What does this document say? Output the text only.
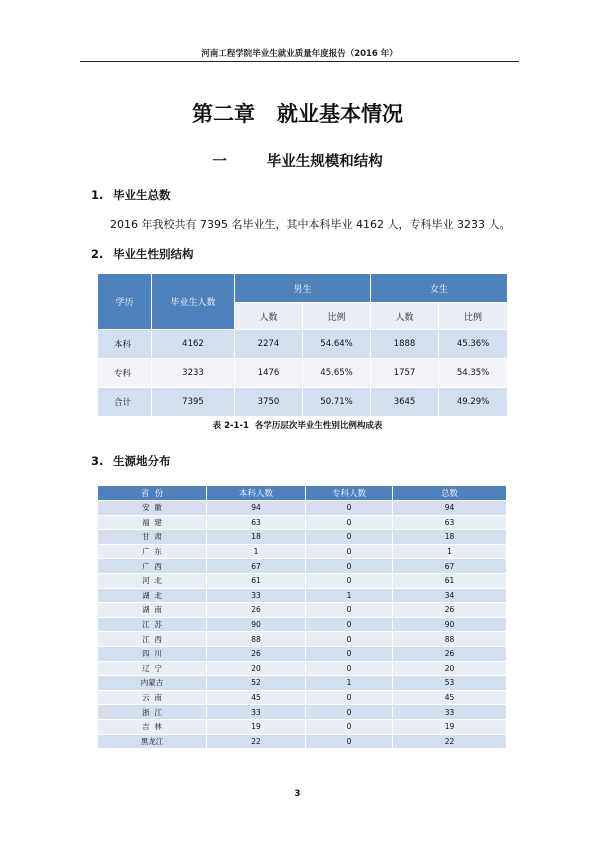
河南工程学院毕业生就业质量年度报告（2016 年）
第二章   就业基本情况
一	毕业生规模和结构
1. 毕业生总数
2016 年我校共有 7395 名毕业生，其中本科毕业 4162 人，专科毕业 3233 人。
2. 毕业生性别结构
学历	毕业生人数	男生		女生	
		人数	比例	人数	比例
本科	4162	2274	54.64%	1888	45.36%
专科	3233	1476	45.65%	1757	54.35%
合计	7395	3750	50.71%	3645	49.29%
表 2-1-1  各学历层次毕业生性别比例构成表
3. 生源地分布
省  份	本科人数	专科人数	总数
安  徽	94	0	94
福  建	63	0	63
甘  肃	18	0	18
广  东	1	0	1
广  西	67	0	67
河  北	61	0	61
湖  北	33	1	34
湖  南	26	0	26
江  苏	90	0	90
江  西	88	0	88
四  川	26	0	26
辽  宁	20	0	20
内蒙古	52	1	53
云  南	45	0	45
浙  江	33	0	33
吉  林	19	0	19
黑龙江	22	0	22
3
